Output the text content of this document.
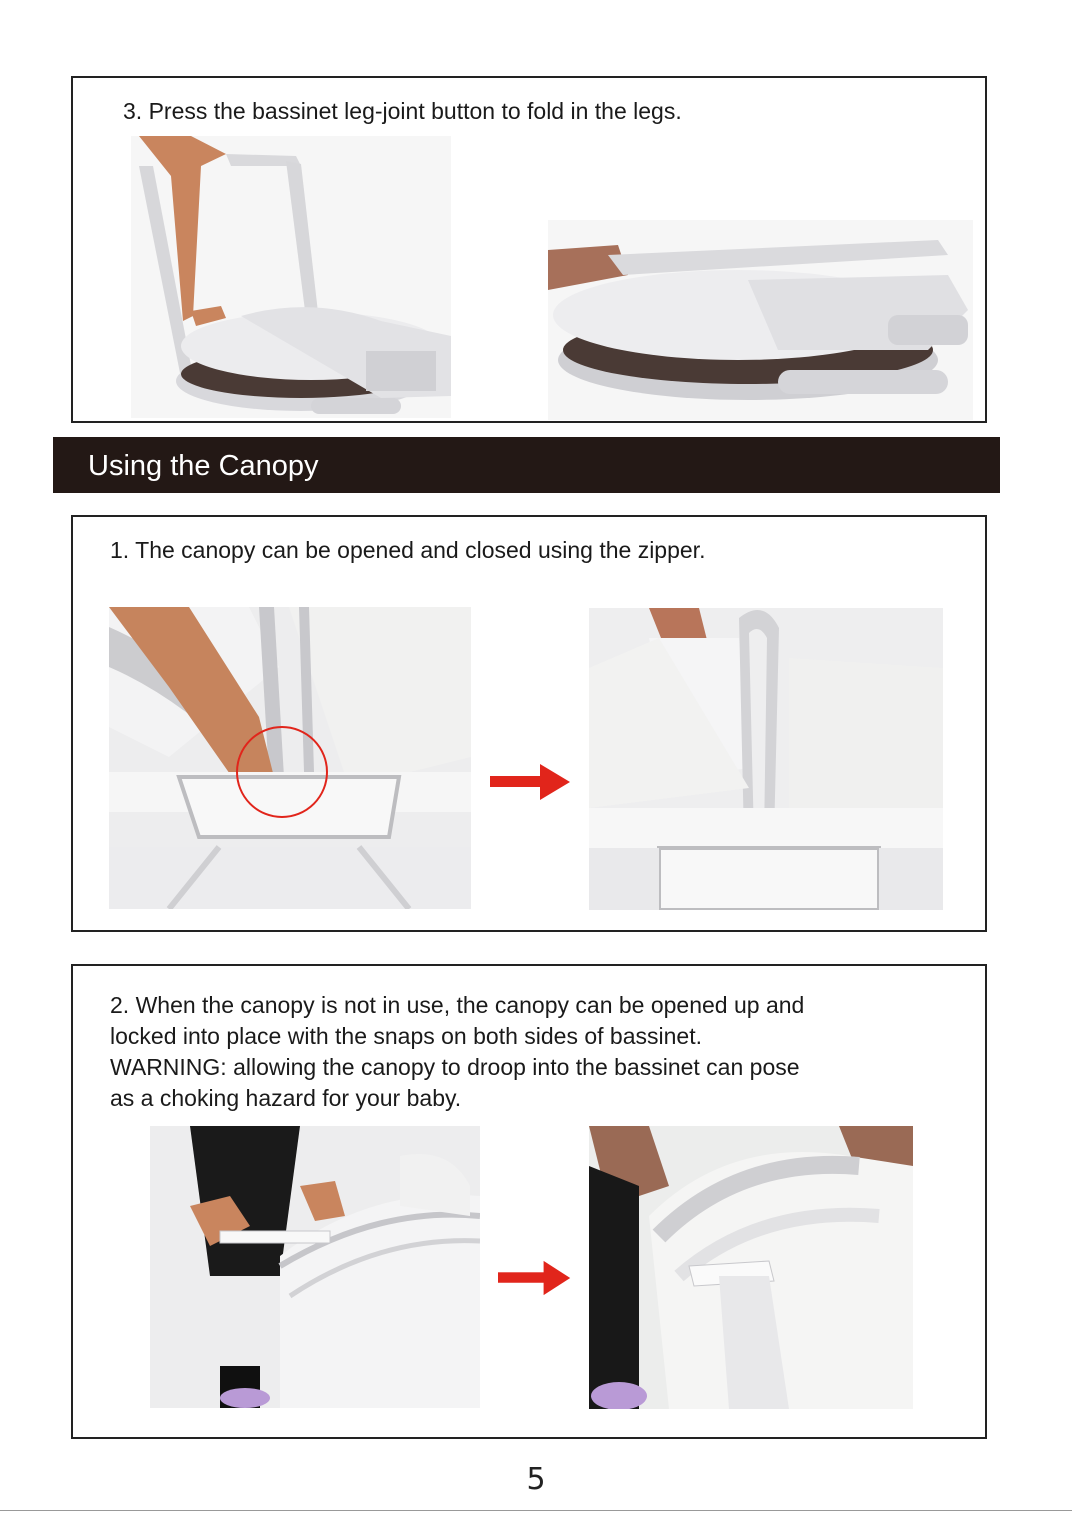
3. Press the bassinet leg-joint button to fold in the legs.

Using the Canopy

1. The canopy can be opened and closed using the zipper.

2. When the canopy is not in use, the canopy can be opened up and

locked into place with the snaps on both sides of bassinet.

WARNING: allowing the canopy to droop into the bassinet can pose

as a choking hazard for your baby.

5
